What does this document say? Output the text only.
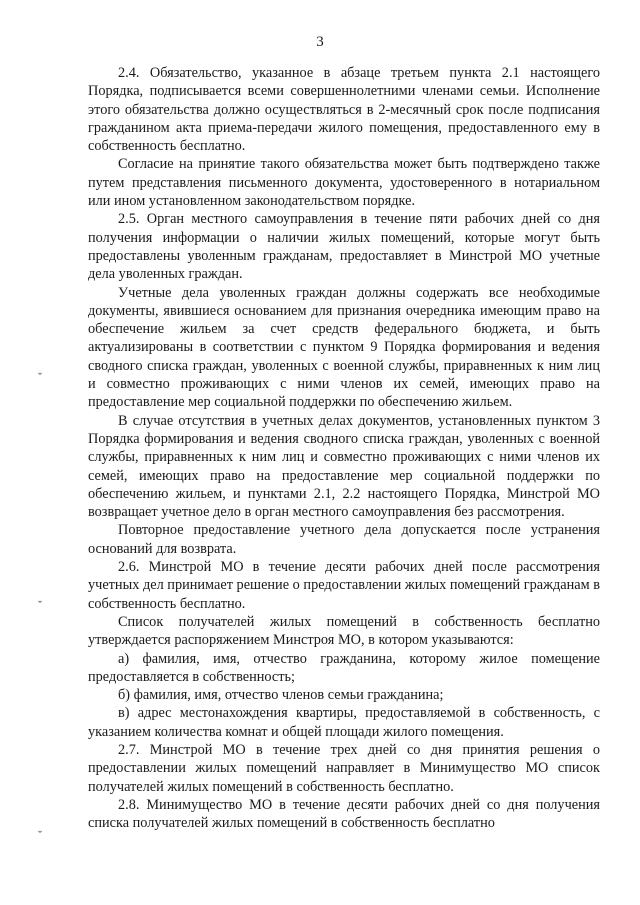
3
ˇ
ˇ
ˇ

2.4. Обязательство, указанное в абзаце третьем пункта 2.1 настоящего Порядка, подписывается всеми совершеннолетними членами семьи. Исполнение этого обязательства должно осуществляться в 2-месячный срок после подписания гражданином акта приема-передачи жилого помещения, предоставленного ему в собственность бесплатно.

Согласие на принятие такого обязательства может быть подтверждено также путем представления письменного документа, удостоверенного в нотариальном или ином установленном законодательством порядке.

2.5. Орган местного самоуправления в течение пяти рабочих дней со дня получения информации о наличии жилых помещений, которые могут быть предоставлены уволенным гражданам, предоставляет в Минстрой МО учетные дела уволенных граждан.

Учетные дела уволенных граждан должны содержать все необходимые документы, явившиеся основанием для признания очередника имеющим право на обеспечение жильем за счет средств федерального бюджета, и быть актуализированы в соответствии с пунктом 9 Порядка формирования и ведения сводного списка граждан, уволенных с военной службы, приравненных к ним лиц и совместно проживающих с ними членов их семей, имеющих право на предоставление мер социальной поддержки по обеспечению жильем.

В случае отсутствия в учетных делах документов, установленных пунктом 3 Порядка формирования и ведения сводного списка граждан, уволенных с военной службы, приравненных к ним лиц и совместно проживающих с ними членов их семей, имеющих право на предоставление мер социальной поддержки по обеспечению жильем, и пунктами 2.1, 2.2 настоящего Порядка, Минстрой МО возвращает учетное дело в орган местного самоуправления без рассмотрения.

Повторное предоставление учетного дела допускается после устранения оснований для возврата.

2.6. Минстрой МО в течение десяти рабочих дней после рассмотрения учетных дел принимает решение о предоставлении жилых помещений гражданам в собственность бесплатно.

Список получателей жилых помещений в собственность бесплатно утверждается распоряжением Минстроя МО, в котором указываются:

а) фамилия, имя, отчество гражданина, которому жилое помещение предоставляется в собственность;

б) фамилия, имя, отчество членов семьи гражданина;

в) адрес местонахождения квартиры, предоставляемой в собственность, с указанием количества комнат и общей площади жилого помещения.

2.7. Минстрой МО в течение трех дней со дня принятия решения о предоставлении жилых помещений направляет в Минимущество МО список получателей жилых помещений в собственность бесплатно.

2.8. Минимущество МО в течение десяти рабочих дней со дня получения списка получателей жилых помещений в собственность бесплатно
